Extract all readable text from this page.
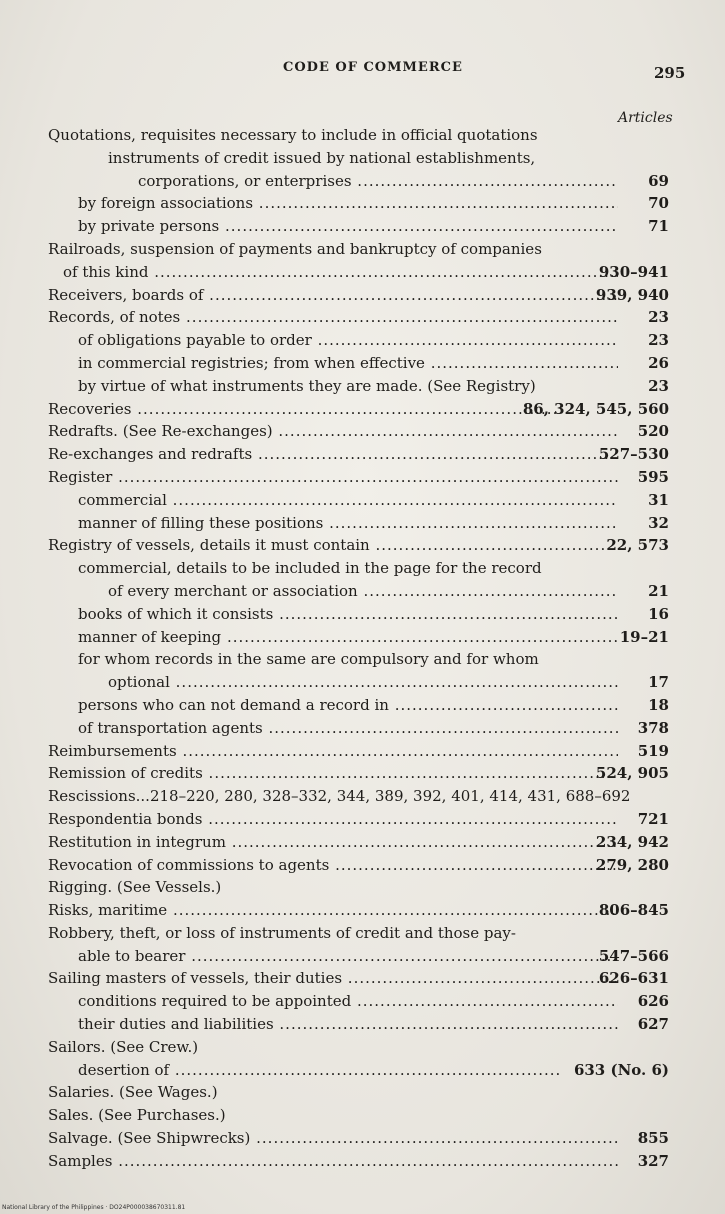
CODE OF COMMERCE	295
Articles
Quotations, requisites necessary to include in official quotations
instruments of credit issued by national establishments,
corporations, or enterprises .....	69
by foreign associations .....	70
by private persons .....	71
Railroads, suspension of payments and bankruptcy of companies
of this kind .....	930–941
Receivers, boards of .....	939, 940
Records, of notes .....	23
of obligations payable to order .....	23
in commercial registries; from when effective .....	26
by virtue of what instruments they are made. (See Registry)	23
Recoveries .....	86, 324, 545, 560
Redrafts. (See Re-exchanges) .....	520
Re-exchanges and redrafts .....	527–530
Register .....	595
commercial .....	31
manner of filling these positions .....	32
Registry of vessels, details it must contain .....	22, 573
commercial, details to be included in the page for the record
of every merchant or association .....	21
books of which it consists .....	16
manner of keeping .....	19–21
for whom records in the same are compulsory and for whom
optional .....	17
persons who can not demand a record in .....	18
of transportation agents .....	378
Reimbursements .....	519
Remission of credits .....	524, 905
Rescissions...218–220, 280, 328–332, 344, 389, 392, 401, 414, 431, 688–692
Respondentia bonds .....	721
Restitution in integrum .....	234, 942
Revocation of commissions to agents .....	279, 280
Rigging. (See Vessels.)
Risks, maritime .....	806–845
Robbery, theft, or loss of instruments of credit and those pay-
able to bearer .....	547–566
Sailing masters of vessels, their duties .....	626–631
conditions required to be appointed .....	626
their duties and liabilities .....	627
Sailors. (See Crew.)
desertion of .....	633 (No. 6)
Salaries. (See Wages.)
Sales. (See Purchases.)
Salvage. (See Shipwrecks) .....	855
Samples .....	327
National Library of the Philippines · DO24P000038670311.81
